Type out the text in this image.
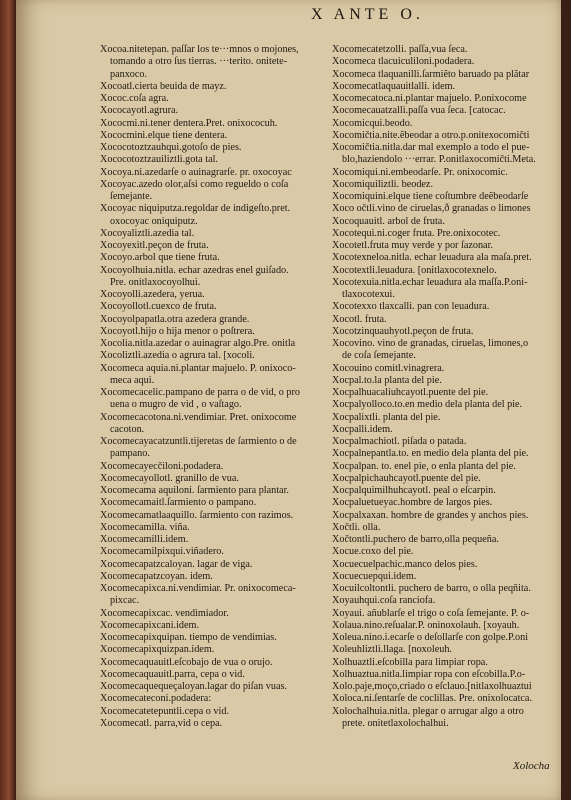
X ANTE O.
Xocoa.nitetepan. paſſar los te···mnos o mojones,
tomando a otro ſus tierras. ···terito. onitete-
panxoco.
Xocoatl.cierta beuida de mayz.
Xococ.coſa agra.
Xococayotl.agrura.
Xococmi.ni.tener dentera.Pret. onixococuh.
Xococmini.elque tiene dentera.
Xococotoztzauhqui.gotoſo de pies.
Xococotoztzauiliztli.gota tal.
Xocoya.ni.azedarſe o auinagrarſe. pr. oxocoyac
Xocoyac.azedo olor,aſsi como regueldo o coſa
ſemejante.
Xocoyac niquiputza.regoldar de indigeſto.pret.
oxocoyac oniquiputz.
Xocoyaliztli.azedia tal.
Xocoyexitl.peçon de fruta.
Xocoyo.arbol que tiene fruta.
Xocoyolhuia.nitla. echar azedras enel guiſado.
Pre. onitlaxocoyolhui.
Xocoyolli.azedera, yerua.
Xocoyollotl.cuexco de fruta.
Xocoyolpapatla.otra azedera grande.
Xocoyotl.hijo o hija menor o poſtrera.
Xocolia.nitla.azedar o auinagrar algo.Pre. onitla
Xocoliztli.azedia o agrura tal. [xocoli.
Xocomeca aquia.ni.plantar majuelo. P. onixoco-
meca aqui.
Xocomecacelic.pampano de parra o de vid, o pro
uena o mugro de vid , o vaſtago.
Xocomecacotona.ni.vendimiar. Pret. onixocome
cacoton.
Xocomecayacatzuntli.tijeretas de ſarmiento o de
pampano.
Xocomecayecčiloni.podadera.
Xocomecayollotl. granillo de vua.
Xocomecama aquiloni. ſarmiento para plantar.
Xocomecamaitl.ſarmiento o pampano.
Xocomecamatlaaquillo. ſarmiento con razimos.
Xocomecamilla. viña.
Xocomecamilli.idem.
Xocomecamilpixqui.viñadero.
Xocomecapatzcaloyan. lagar de viga.
Xocomecapatzcoyan. idem.
Xocomecapixca.ni.vendimiar. Pr. onixocomeca-
pixcac.
Xocomecapixcac. vendimiador.
Xocomecapixcani.idem.
Xocomecapixquipan. tiempo de vendimias.
Xocomecapixquizpan.idem.
Xocomecaquauitl.eſcobajo de vua o orujo.
Xocomecaquauitl.parra, cepa o vid.
Xocomecaquequeçaloyan.lagar do piſan vuas.
Xocomecateconi.podadera:
Xocomecatetepuntli.cepa o vid.
Xocomecatl. parra,vid o cepa.
Xocomecatetzolli. paſſa,vua ſeca.
Xocomeca tlacuiculiloni.podadera.
Xocomeca tlaquanilli.ſarmiẽto baruado pa plãtar
Xocomecatlaquauitlalli. idem.
Xocomecatoca.ni.plantar majuelo. P.onixocome
Xocomecauatzalli.paſſa vua ſeca. [catocac.
Xocomicqui.beodo.
Xocomičtia.nite.ẽbeodar a otro.p.onitexocomičti
Xocomičtia.nitla.dar mal exemplo a todo el pue-
blo,haziendolo ···errar. P.onitlaxocomičti.Meta.
Xocomiqui.ni.embeodarſe. Pr. onixocomic.
Xocomiquiliztli. beodez.
Xocomiquini.elque tiene coſtumbre deẽbeodarſe
Xoco očtli.vino de ciruelas,ð granadas o limones
Xocoquauitl. arbol de fruta.
Xocotequi.ni.coger fruta. Pre.onixocotec.
Xocotetl.fruta muy verde y por ſazonar.
Xocotexneloa.nitla. echar leuadura ala maſa.pret.
Xocotextli.leuadura. [onitlaxocotexnelo.
Xocotexuia.nitla.echar leuadura ala maſſa.P.oni-
tlaxocotexui.
Xocotexxo tlaxcalli. pan con leuadura.
Xocotl. fruta.
Xocotzinquauhyotl.peçon de fruta.
Xocovino. vino de granadas, ciruelas, limones,o
de coſa ſemejante.
Xocouino comitl.vinagrera.
Xocpal.to.la planta del pie.
Xocpalhuacaliuhcayotl.puente del pie.
Xocpalyolloco.to.en medio dela planta del pie.
Xocpalixtli. planta del pie.
Xocpalli.idem.
Xocpalmachiotl. piſada o patada.
Xocpalnepantla.to. en medio dela planta del pie.
Xocpalpan. to. enel pie, o enla planta del pie.
Xocpalpichauhcayotl.puente del pie.
Xocpalquimilhuhcayotl. peal o eſcarpin.
Xocpaluetueyac.hombre de largos pies.
Xocpalxaxan. hombre de grandes y anchos pies.
Xočtli. olla.
Xočtontli.puchero de barro,olla pequeña.
Xocue.coxo del pie.
Xocuecuelpachic.manco delos pies.
Xocuecuepqui.idem.
Xocuilcoltontli. puchero de barro, o olla peqñita.
Xoyauhqui.coſa ranciofa.
Xoyaui. añublarſe el trigo o coſa ſemejante. P. o-
Xolaua.nino.reſualar.P. oninoxolauh. [xoyauh.
Xoleua.nino.i.ecarſe o deſollarſe con golpe.P.oni
Xoleuhliztli.llaga. [noxoleuh.
Xolhuaztli.eſcobilla para limpiar ropa.
Xolhuaztua.nitla.limpiar ropa con eſcobilla.P.o-
Xolo.paje,moço,criado o eſclauo.[nitlaxolhuaztui
Xoloca.ni.ſentarſe de coclillas. Pre. onixolocatca.
Xolochalhuia.nitla. plegar o arrugar algo a otro
prete. onitetlaxolochalhui.
Xolocha
